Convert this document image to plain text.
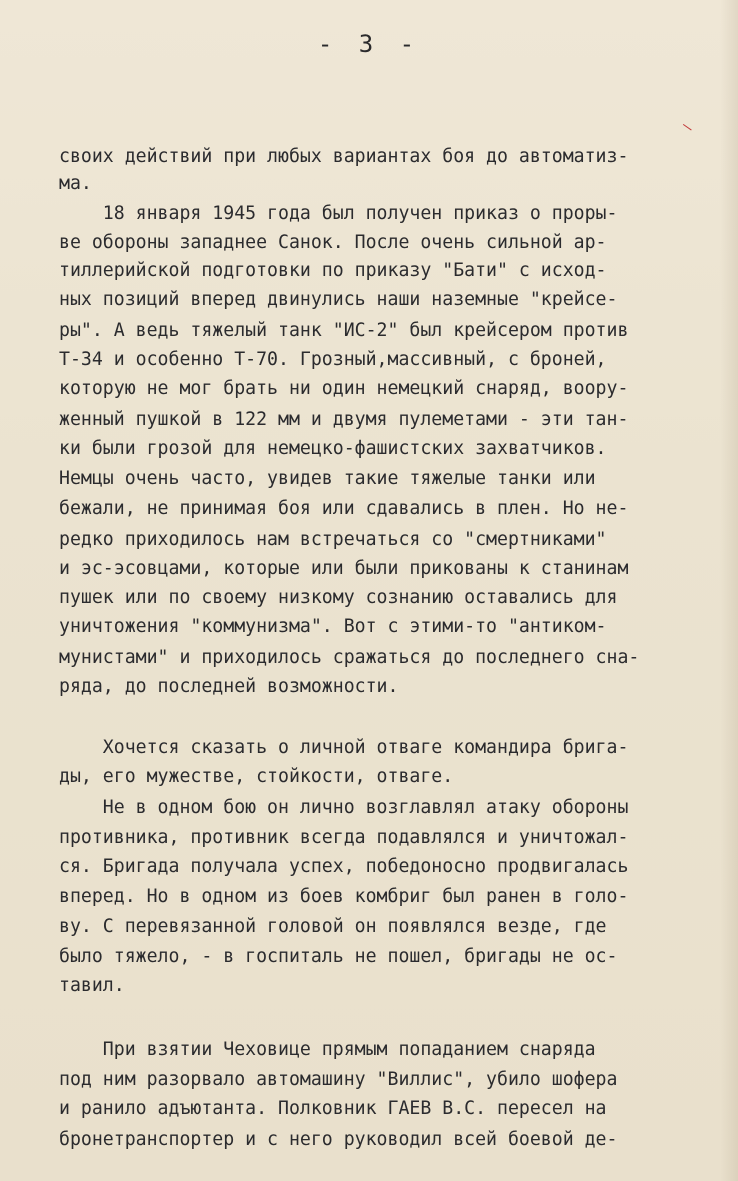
- 3 -
своих действий при любых вариантах боя до автоматиз-
ма.
18 января 1945 года был получен приказ о проры-
ве обороны западнее Санок. После очень сильной ар-
тиллерийской подготовки по приказу "Бати" с исход-
ных позиций вперед двинулись наши наземные "крейсе-
ры". А ведь тяжелый танк "ИС-2" был крейсером против
Т-34 и особенно Т-70. Грозный,массивный, с броней,
которую не мог брать ни один немецкий снаряд, вооpу-
женный пушкой в 122 мм и двумя пулеметами - эти тан-
ки были грозой для немецко-фашистских захватчиков.
Немцы очень часто, увидев такие тяжелые танки или
бежали, не принимая боя или сдавались в плен. Но не-
редко приходилось нам встречаться со "смертниками"
и эс-эсовцами, которые или были прикованы к станинам
пушек или по своему низкому сознанию оставались для
уничтожения "коммунизма". Вот с этими-то "антиком-
мунистами" и приходилось сражаться до последнего сна-
ряда, до последней возможности.
Хочется сказать о личной отваге командира брига-
ды, его мужестве, стойкости, отваге.
Не в одном бою он лично возглавлял атаку обороны
противника, противник всегда подавлялся и уничтожал-
ся. Бригада получала успех, победоносно продвигалась
вперед. Но в одном из боев комбриг был ранен в голо-
ву. С перевязанной головой он появлялся везде, где
было тяжело, - в госпиталь не пошел, бригады не ос-
тавил.
При взятии Чеховице прямым попаданием снаряда
под ним разорвало автомашину "Виллис", убило шофера
и ранило адъютанта. Полковник ГАЕВ В.С. пересел на
бронетранспортер и с него руководил всей боевой де-
